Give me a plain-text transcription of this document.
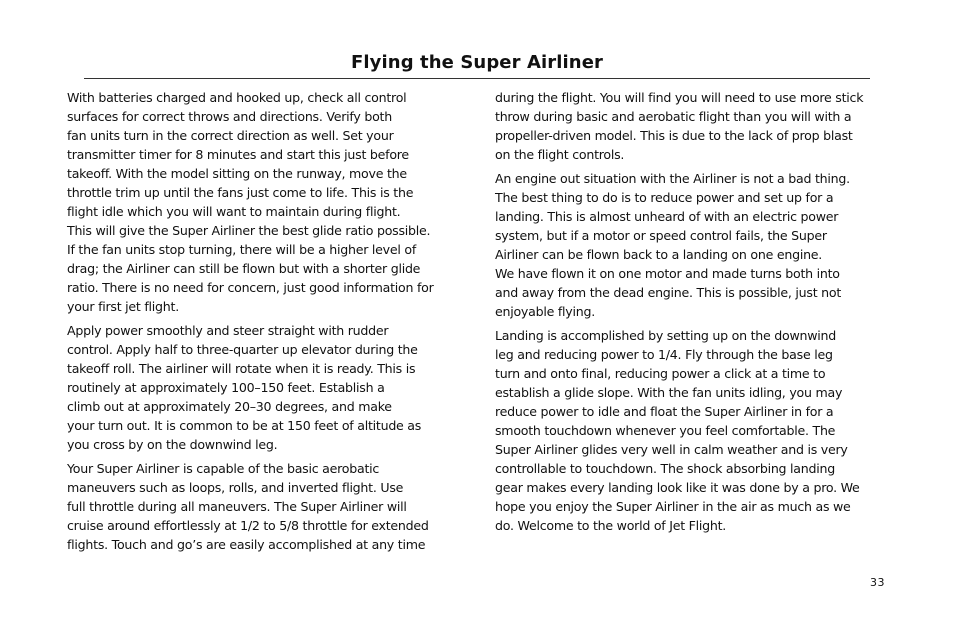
Flying the Super Airliner

With batteries charged and hooked up, check all control
surfaces for correct throws and directions. Verify both
fan units turn in the correct direction as well. Set your
transmitter timer for 8 minutes and start this just before
takeoff. With the model sitting on the runway, move the
throttle trim up until the fans just come to life. This is the
flight idle which you will want to maintain during flight.
This will give the Super Airliner the best glide ratio possible.
If the fan units stop turning, there will be a higher level of
drag; the Airliner can still be flown but with a shorter glide
ratio. There is no need for concern, just good information for
your first jet flight.

Apply power smoothly and steer straight with rudder
control. Apply half to three-quarter up elevator during the
takeoff roll. The airliner will rotate when it is ready. This is
routinely at approximately 100–150 feet. Establish a
climb out at approximately 20–30 degrees, and make
your turn out. It is common to be at 150 feet of altitude as
you cross by on the downwind leg.

Your Super Airliner is capable of the basic aerobatic
maneuvers such as loops, rolls, and inverted flight. Use
full throttle during all maneuvers. The Super Airliner will
cruise around effortlessly at 1/2 to 5/8 throttle for extended
flights. Touch and go’s are easily accomplished at any time

during the flight. You will find you will need to use more stick
throw during basic and aerobatic flight than you will with a
propeller-driven model. This is due to the lack of prop blast
on the flight controls.

An engine out situation with the Airliner is not a bad thing.
The best thing to do is to reduce power and set up for a
landing. This is almost unheard of with an electric power
system, but if a motor or speed control fails, the Super
Airliner can be flown back to a landing on one engine.
We have flown it on one motor and made turns both into
and away from the dead engine. This is possible, just not
enjoyable flying.

Landing is accomplished by setting up on the downwind
leg and reducing power to 1/4. Fly through the base leg
turn and onto final, reducing power a click at a time to
establish a glide slope. With the fan units idling, you may
reduce power to idle and float the Super Airliner in for a
smooth touchdown whenever you feel comfortable. The
Super Airliner glides very well in calm weather and is very
controllable to touchdown. The shock absorbing landing
gear makes every landing look like it was done by a pro. We
hope you enjoy the Super Airliner in the air as much as we
do. Welcome to the world of Jet Flight.

33
